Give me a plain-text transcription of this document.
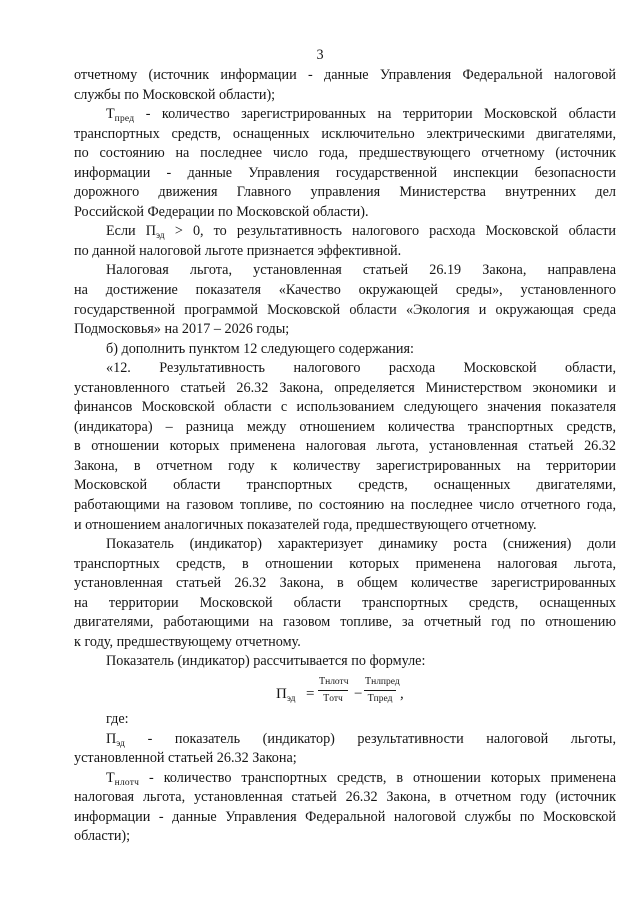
3
отчетному (источник информации - данные Управления Федеральной налоговой
службы по Московской области);
$Т_{пред}$ - количество зарегистрированных на территории Московской области
транспортных средств, оснащенных исключительно электрическими двигателями,
по состоянию на последнее число года, предшествующего отчетному (источник
информации - данные Управления государственной инспекции безопасности
дорожного движения Главного управления Министерства внутренних дел
Российской Федерации по Московской области).
Если $П_{эд} > 0$, то результативность налогового расхода Московской области
по данной налоговой льготе признается эффективной.
Налоговая льгота, установленная статьей 26.19 Закона, направлена
на достижение показателя «Качество окружающей среды», установленного
государственной программой Московской области «Экология и окружающая среда
Подмосковья» на 2017 – 2026 годы;
б) дополнить пунктом 12 следующего содержания:
«12. Результативность налогового расхода Московской области,
установленного статьей 26.32 Закона, определяется Министерством экономики и
финансов Московской области с использованием следующего значения показателя
(индикатора) – разница между отношением количества транспортных средств,
в отношении которых применена налоговая льгота, установленная статьей 26.32
Закона, в отчетном году к количеству зарегистрированных на территории
Московской области транспортных средств, оснащенных двигателями,
работающими на газовом топливе, по состоянию на последнее число отчетного года,
и отношением аналогичных показателей года, предшествующего отчетному.
Показатель (индикатор) характеризует динамику роста (снижения) доли
транспортных средств, в отношении которых применена налоговая льгота,
установленная статьей 26.32 Закона, в общем количестве зарегистрированных
на территории Московской области транспортных средств, оснащенных
двигателями, работающими на газовом топливе, за отчетный год по отношению
к году, предшествующему отчетному.
Показатель (индикатор) рассчитывается по формуле:
$П_{эд}$ =
Тнлотч
Тотч −
Тнлпред
Тпред ,
где:
$П_{эд}$ - показатель (индикатор) результативности налоговой льготы,
установленной статьей 26.32 Закона;
$Т_{нлотч}$ - количество транспортных средств, в отношении которых применена
налоговая льгота, установленная статьей 26.32 Закона, в отчетном году (источник
информации - данные Управления Федеральной налоговой службы по Московской
области);
